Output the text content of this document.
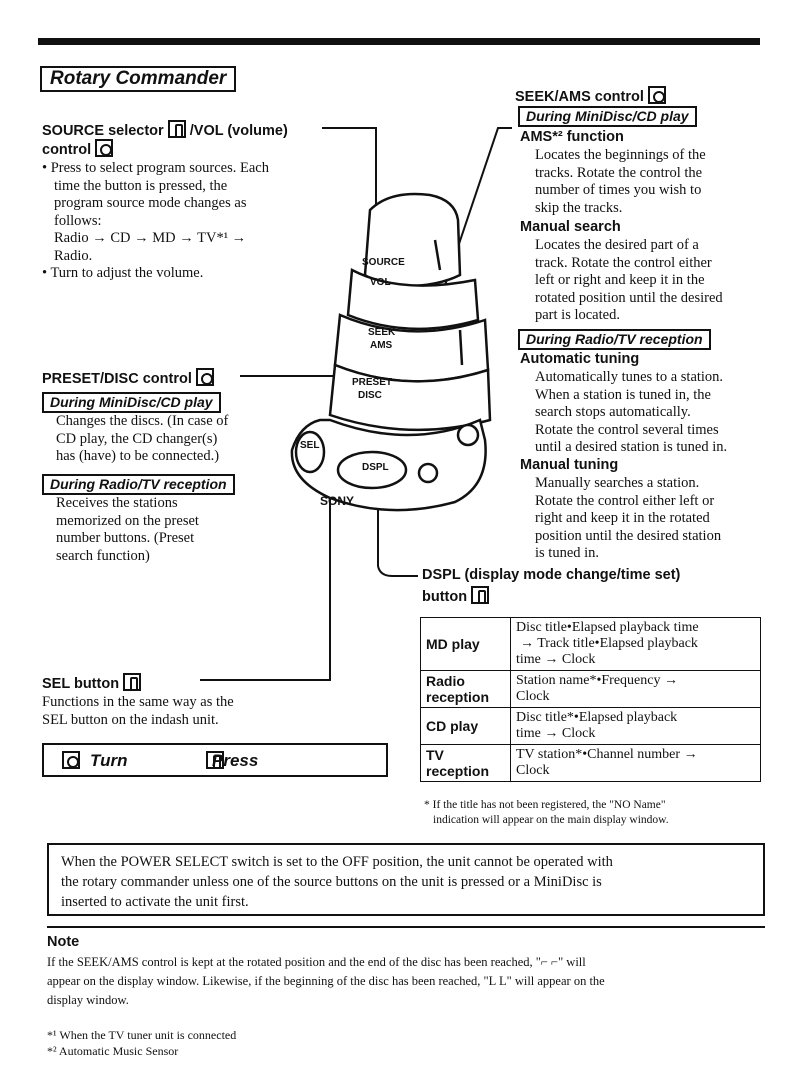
Rotary Commander
SOURCE
VOL
SEEK
AMS
PRESET
DISC
SEL
DSPL
SONY
SOURCE selector /VOL (volume)
control
• Press to select program sources. Each
time the button is pressed, the
program source mode changes as
follows:
Radio → CD → MD → TV*¹ →
Radio.
• Turn to adjust the volume.
PRESET/DISC control
During MiniDisc/CD play
Changes the discs. (In case of
CD play, the CD changer(s)
has (have) to be connected.)
During Radio/TV reception
Receives the stations
memorized on the preset
number buttons. (Preset
search function)
SEL button
Functions in the same way as the
SEL button on the indash unit.

Turn	Press
SEEK/AMS control
During MiniDisc/CD play
AMS*² function
Locates the beginnings of the
tracks. Rotate the control the
number of times you wish to
skip the tracks.
Manual search
Locates the desired part of a
track. Rotate the control either
left or right and keep it in the
rotated position until the desired
part is located.
During Radio/TV reception
Automatic tuning
Automatically tunes to a station.
When a station is tuned in, the
search stops automatically.
Rotate the control several times
until a desired station is tuned in.
Manual tuning
Manually searches a station.
Rotate the control either left or
right and keep it in the rotated
position until the desired station
is tuned in.
DSPL (display mode change/time set)
button
MD play	Disc title•Elapsed playback time
→ Track title•Elapsed playback
time → Clock

Radio reception	Station name*•Frequency →
Clock

CD play	Disc title*•Elapsed playback
time → Clock

TV reception	TV station*•Channel number →
Clock
* If the title has not been registered, the "NO Name"
indication will appear on the main display window.
When the POWER SELECT switch is set to the OFF position, the unit cannot be operated with
the rotary commander unless one of the source buttons on the unit is pressed or a MiniDisc is
inserted to activate the unit first.
Note
If the SEEK/AMS control is kept at the rotated position and the end of the disc has been reached, "⌐ ⌐" will
appear on the display window. Likewise, if the beginning of the disc has been reached, "L L" will appear on the
display window.
*¹ When the TV tuner unit is connected
*² Automatic Music Sensor
